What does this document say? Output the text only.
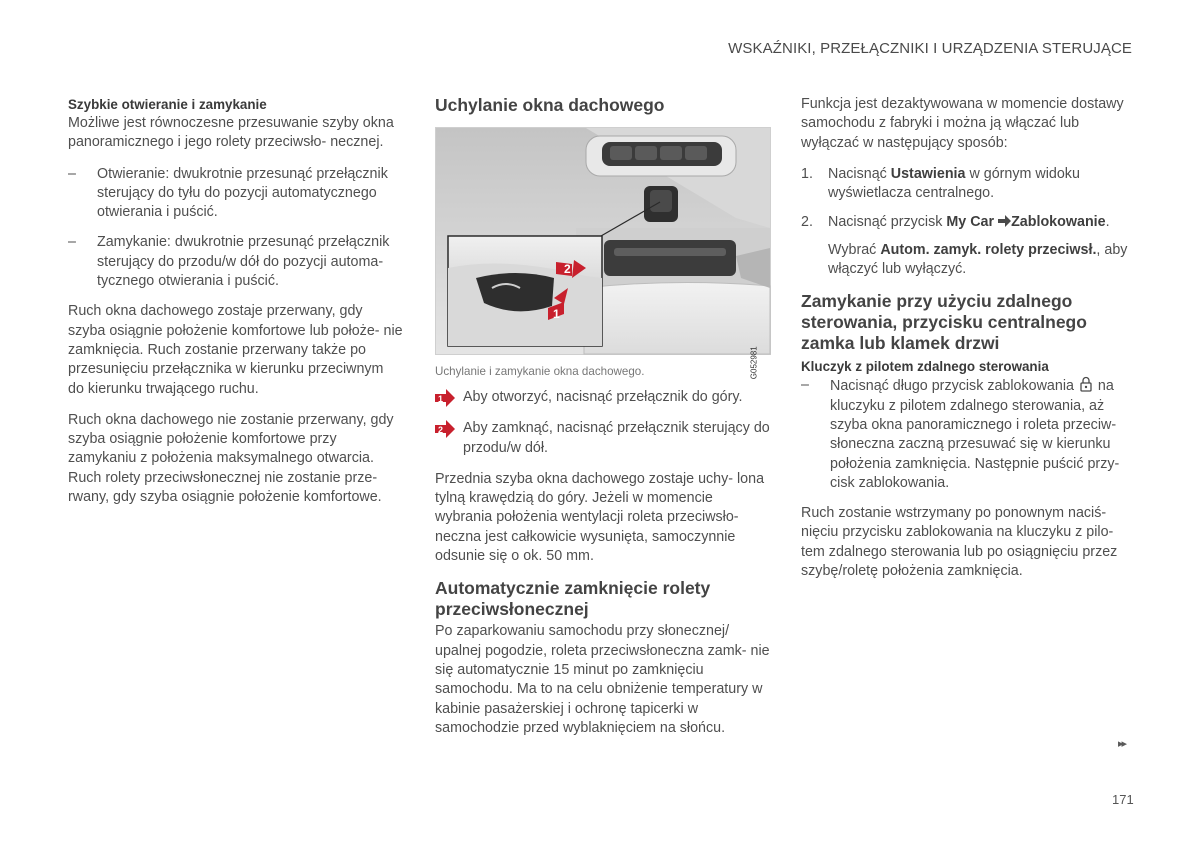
WSKAŹNIKI, PRZEŁĄCZNIKI I URZĄDZENIA STERUJĄCE
Szybkie otwieranie i zamykanie

Możliwe jest równoczesne przesuwanie szyby okna panoramicznego i jego rolety przeciwsło- necznej.

– Otwieranie: dwukrotnie przesunąć przełącznik sterujący do tyłu do pozycji automatycznego otwierania i puścić.
– Zamykanie: dwukrotnie przesunąć przełącznik sterujący do przodu/w dół do pozycji automa- tycznego otwierania i puścić.

Ruch okna dachowego zostaje przerwany, gdy szyba osiągnie położenie komfortowe lub położe- nie zamknięcia. Ruch zostanie przerwany także po przesunięciu przełącznika w kierunku przeciwnym do kierunku trwającego ruchu.

Ruch okna dachowego nie zostanie przerwany, gdy szyba osiągnie położenie komfortowe przy zamykaniu z położenia maksymalnego otwarcia. Ruch rolety przeciwsłonecznej nie zostanie prze- rwany, gdy szyba osiągnie położenie komfortowe.

Uchylanie okna dachowego
2
1
G052981
Uchylanie i zamykanie okna dachowego.
1 Aby otworzyć, nacisnąć przełącznik do góry.
2 Aby zamknąć, nacisnąć przełącznik sterujący do przodu/w dół.

Przednia szyba okna dachowego zostaje uchy- lona tylną krawędzią do góry. Jeżeli w momencie wybrania położenia wentylacji roleta przeciwsło- neczna jest całkowicie wysunięta, samoczynnie odsunie się o ok. 50 mm.

Automatycznie zamknięcie rolety przeciwsłonecznej

Po zaparkowaniu samochodu przy słonecznej/ upalnej pogodzie, roleta przeciwsłoneczna zamk- nie się automatycznie 15 minut po zamknięciu samochodu. Ma to na celu obniżenie temperatury w kabinie pasażerskiej i ochronę tapicerki w samochodzie przed wyblaknięciem na słońcu.

Funkcja jest dezaktywowana w momencie dostawy samochodu z fabryki i można ją włączać lub wyłączać w następujący sposób:

1. Nacisnąć Ustawienia w górnym widoku wyświetlacza centralnego.
2. Nacisnąć przycisk My Car Zablokowanie.
Wybrać Autom. zamyk. rolety przeciwsł., aby włączyć lub wyłączyć.
Zamykanie przy użyciu zdalnego sterowania, przycisku centralnego zamka lub klamek drzwi
Kluczyk z pilotem zdalnego sterowania
– Nacisnąć długo przycisk zablokowania  na kluczyku z pilotem zdalnego sterowania, aż szyba okna panoramicznego i roleta przeciw- słoneczna zaczną przesuwać się w kierunku położenia zamknięcia. Następnie puścić przy- cisk zablokowania.

Ruch zostanie wstrzymany po ponownym naciś- nięciu przycisku zablokowania na kluczyku z pilo- tem zdalnego sterowania lub po osiągnięciu przez szybę/roletę położenia zamknięcia.

▸▸
171
